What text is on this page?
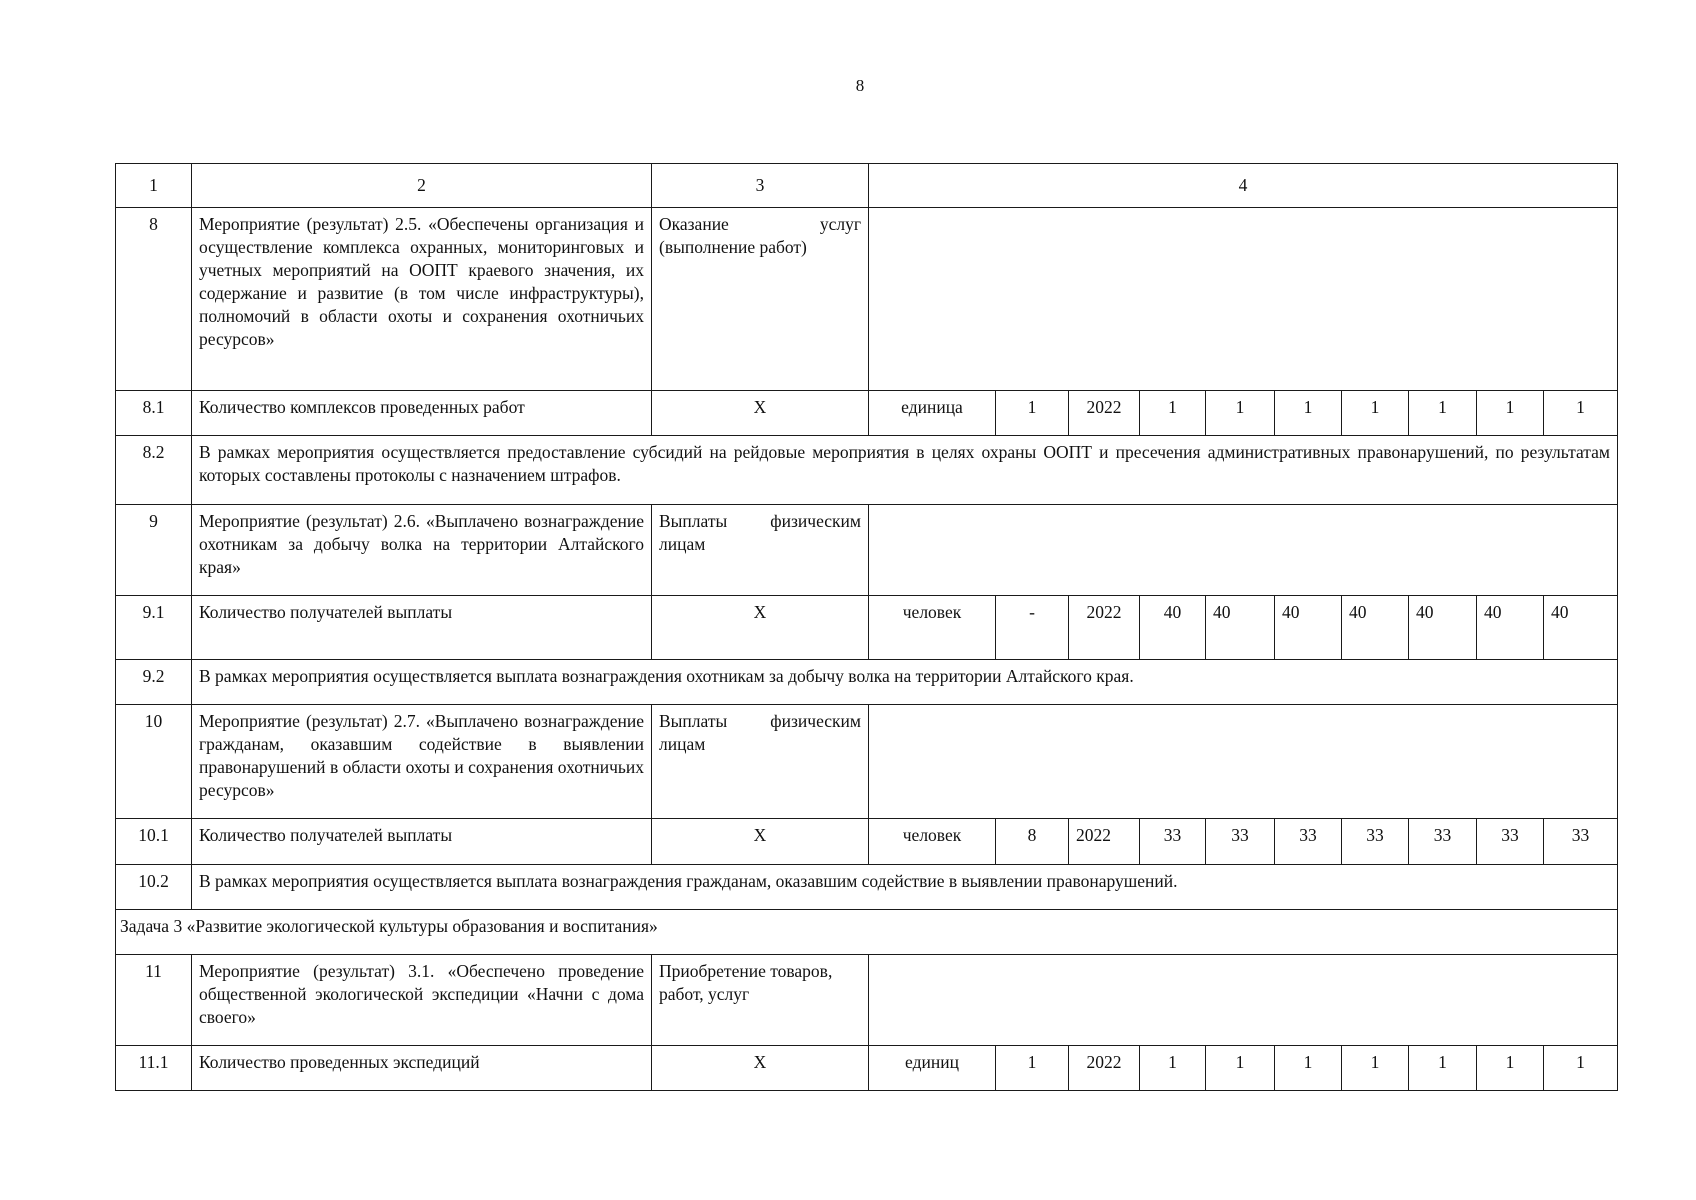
8
1	2	3	4									
8	Мероприятие (результат) 2.5. «Обеспечены организация и осуществление комплекса охранных, мониторинговых и учетных мероприятий на ООПТ краевого значения, их содержание и развитие (в том числе инфраструктуры), полномочий в области охоты и сохранения охотничьих ресурсов»	Оказание услуг (выполнение работ)										
8.1	Количество комплексов проведенных работ	Х	единица	1	2022	1	1	1	1	1	1	1
8.2	В рамках мероприятия осуществляется предоставление субсидий на рейдовые мероприятия в целях охраны ООПТ и пресечения административных правонарушений, по результатам которых составлены протоколы с назначением штрафов.											
9	Мероприятие (результат) 2.6. «Выплачено вознаграждение охотникам за добычу волка на территории Алтайского края»	Выплаты физическим лицам										
9.1	Количество получателей выплаты	Х	человек	-	2022	40	40	40	40	40	40	40
9.2	В рамках мероприятия осуществляется выплата вознаграждения охотникам за добычу волка на территории Алтайского края.											
10	Мероприятие (результат) 2.7. «Выплачено вознаграждение гражданам, оказавшим содействие в выявлении правонарушений в области охоты и сохранения охотничьих ресурсов»	Выплаты физическим лицам										
10.1	Количество получателей выплаты	Х	человек	8	2022	33	33	33	33	33	33	33
10.2	В рамках мероприятия осуществляется выплата вознаграждения гражданам, оказавшим содействие в выявлении правонарушений.											
Задача 3 «Развитие экологической культуры образования и воспитания»												
11	Мероприятие (результат) 3.1. «Обеспечено проведение общественной экологической экспедиции «Начни с дома своего»	Приобретение товаров, работ, услуг										
11.1	Количество проведенных экспедиций	Х	единиц	1	2022	1	1	1	1	1	1	1
